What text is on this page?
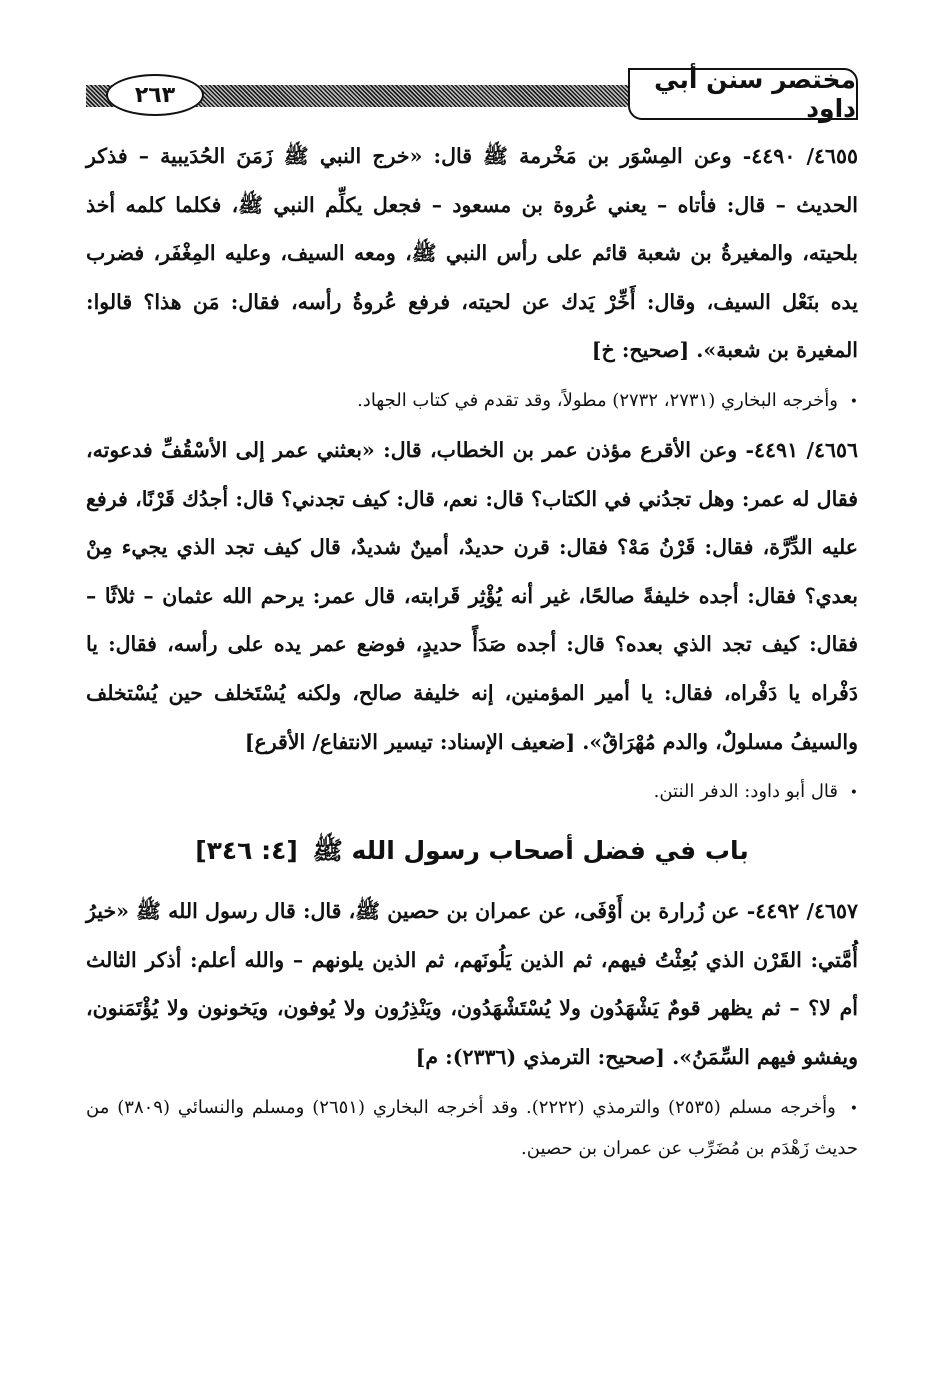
مختصر سنن أبي داود
٢٦٣

٤٦٥٥/ ٤٤٩٠- وعن المِسْوَر بن مَخْرمة ﷺ قال: «خرج النبي ﷺ زَمَنَ الحُدَيبية – فذكر الحديث – قال: فأتاه – يعني عُروة بن مسعود – فجعل يكلِّم النبي ﷺ، فكلما كلمه أخذ بلحيته، والمغيرةُ بن شعبة قائم على رأس النبي ﷺ، ومعه السيف، وعليه المِغْفَر، فضرب يده بنَعْل السيف، وقال: أَخِّرْ يَدك عن لحيته، فرفع عُروةُ رأسه، فقال: مَن هذا؟ قالوا: المغيرة بن شعبة». [صحيح: خ]

• وأخرجه البخاري (٢٧٣١، ٢٧٣٢) مطولاً، وقد تقدم في كتاب الجهاد.

٤٦٥٦/ ٤٤٩١- وعن الأقرع مؤذن عمر بن الخطاب، قال: «بعثني عمر إلى الأسْقُفِّ فدعوته، فقال له عمر: وهل تجدُني في الكتاب؟ قال: نعم، قال: كيف تجدني؟ قال: أجدُك قَرْنًا، فرفع عليه الدِّرَّة، فقال: قَرْنُ مَهْ؟ فقال: قرن حديدٌ، أمينٌ شديدٌ، قال كيف تجد الذي يجيء مِنْ بعدي؟ فقال: أجده خليفةً صالحًا، غير أنه يُؤْثِر قَرابته، قال عمر: يرحم الله عثمان – ثلاثًا – فقال: كيف تجد الذي بعده؟ قال: أجده صَدَأً حديدٍ، فوضع عمر يده على رأسه، فقال: يا دَفْراه يا دَفْراه، فقال: يا أمير المؤمنين، إنه خليفة صالح، ولكنه يُسْتَخلف حين يُسْتخلف والسيفُ مسلولٌ، والدم مُهْرَاقٌ». [ضعيف الإسناد: تيسير الانتفاع/ الأقرع]

• قال أبو داود: الدفر النتن.

باب في فضل أصحاب رسول الله ﷺ [٤: ٣٤٦]

٤٦٥٧/ ٤٤٩٢- عن زُرارة بن أَوْفَى، عن عمران بن حصين ﷺ، قال: قال رسول الله ﷺ «خيرُ أُمَّتي: القَرْن الذي بُعِثْتُ فيهم، ثم الذين يَلُونَهم، ثم الذين يلونهم – والله أعلم: أذكر الثالث أم لا؟ – ثم يظهر قومٌ يَشْهَدُون ولا يُسْتَشْهَدُون، ويَنْذِرُون ولا يُوفون، ويَخونون ولا يُؤْتَمَنون، ويفشو فيهم السِّمَنُ». [صحيح: الترمذي (٢٣٣٦): م]

• وأخرجه مسلم (٢٥٣٥) والترمذي (٢٢٢٢). وقد أخرجه البخاري (٢٦٥١) ومسلم والنسائي (٣٨٠٩) من حديث زَهْدَم بن مُضَرِّب عن عمران بن حصين.
